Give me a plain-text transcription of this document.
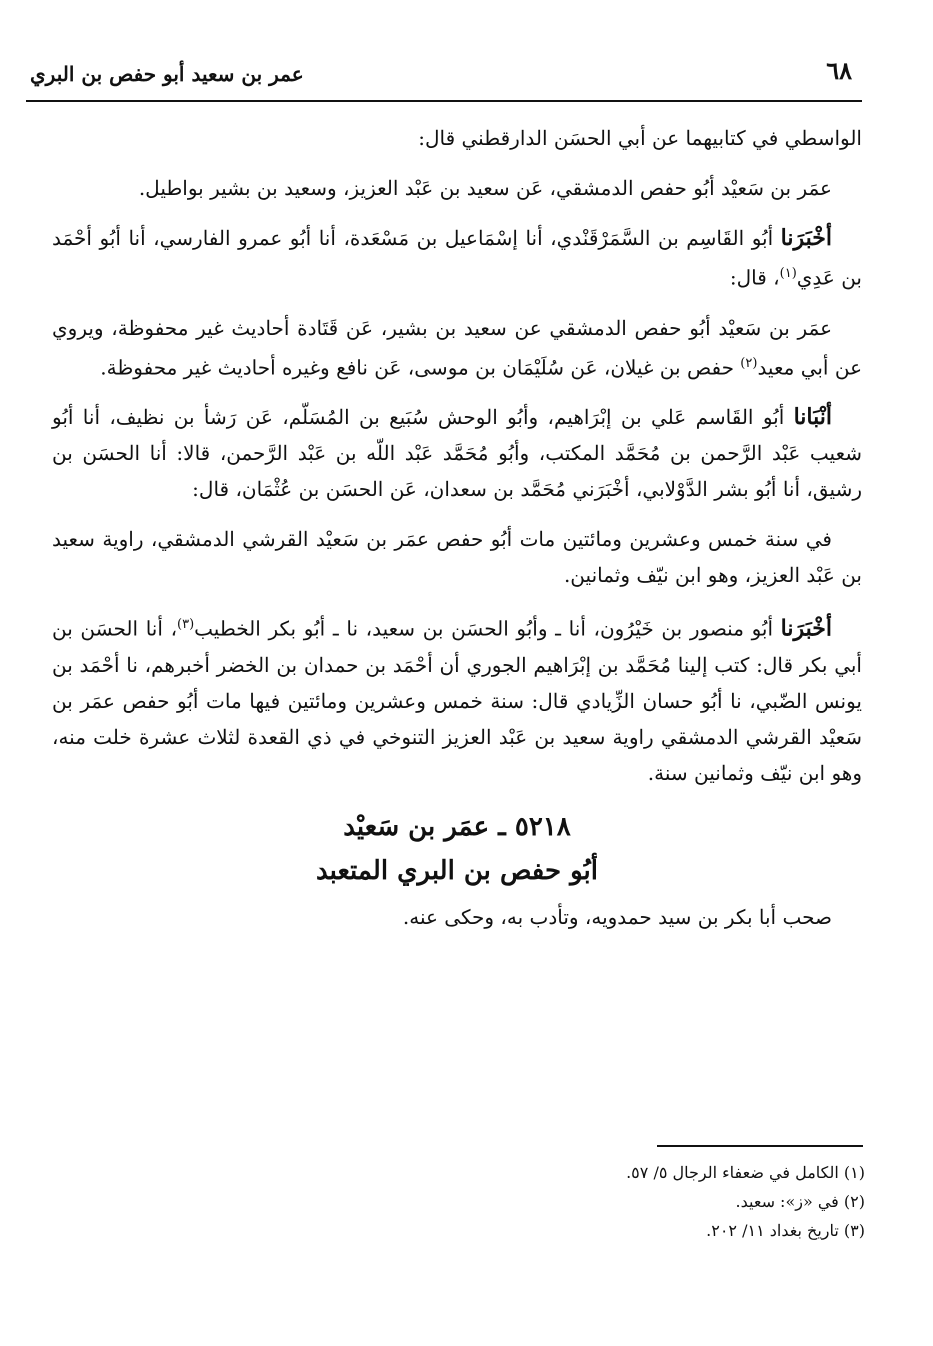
٦٨
عمر بن سعيد أبو حفص بن البري

الواسطي في كتابيهما عن أبي الحسَن الدارقطني قال:

عمَر بن سَعيْد أبُو حفص الدمشقي، عَن سعيد بن عَبْد العزيز، وسعيد بن بشير بواطيل.

أخْبَرَنا أبُو القَاسِم بن السَّمَرْقَنْدي، أنا إسْمَاعيل بن مَسْعَدة، أنا أبُو عمرو الفارسي، أنا أبُو أحْمَد بن عَدِي$^{(١)}$، قال:

عمَر بن سَعيْد أبُو حفص الدمشقي عن سعيد بن بشير، عَن قَتَادة أحاديث غير محفوظة، ويروي عن أبي معيد$^{(٢)}$ حفص بن غيلان، عَن سُلَيْمَان بن موسى، عَن نافع وغيره أحاديث غير محفوظة.

أنْبَانا أبُو القَاسم عَلي بن إبْرَاهيم، وأبُو الوحش سُبَيع بن المُسَلّم، عَن رَشأ بن نظيف، أنا أبُو شعيب عَبْد الرَّحمن بن مُحَمَّد المكتب، وأبُو مُحَمَّد عَبْد اللّه بن عَبْد الرَّحمن، قالا: أنا الحسَن بن رشيق، أنا أبُو بشر الدَّوْلابي، أخْبَرَني مُحَمَّد بن سعدان، عَن الحسَن بن عُثْمَان، قال:

في سنة خمس وعشرين ومائتين مات أبُو حفص عمَر بن سَعيْد القرشي الدمشقي، راوية سعيد بن عَبْد العزيز، وهو ابن نيّف وثمانين.

أخْبَرَنا أبُو منصور بن خَيْرُون، أنا ـ وأبُو الحسَن بن سعيد، نا ـ أبُو بكر الخطيب$^{(٣)}$، أنا الحسَن بن أبي بكر قال: كتب إلينا مُحَمَّد بن إبْرَاهيم الجوري أن أحْمَد بن حمدان بن الخضر أخبرهم، نا أحْمَد بن يونس الضّبي، نا أبُو حسان الزِّيادي قال: سنة خمس وعشرين ومائتين فيها مات أبُو حفص عمَر بن سَعيْد القرشي الدمشقي راوية سعيد بن عَبْد العزيز التنوخي في ذي القعدة لثلاث عشرة خلت منه، وهو ابن نيّف وثمانين سنة.

٥٢١٨ ـ عمَر بن سَعيْد
أبُو حفص بن البري المتعبد

صحب أبا بكر بن سيد حمدويه، وتأدب به، وحكى عنه.

(١) الكامل في ضعفاء الرجال ٥/ ٥٧.
(٢) في «ز»: سعيد.
(٣) تاريخ بغداد ١١/ ٢٠٢.
